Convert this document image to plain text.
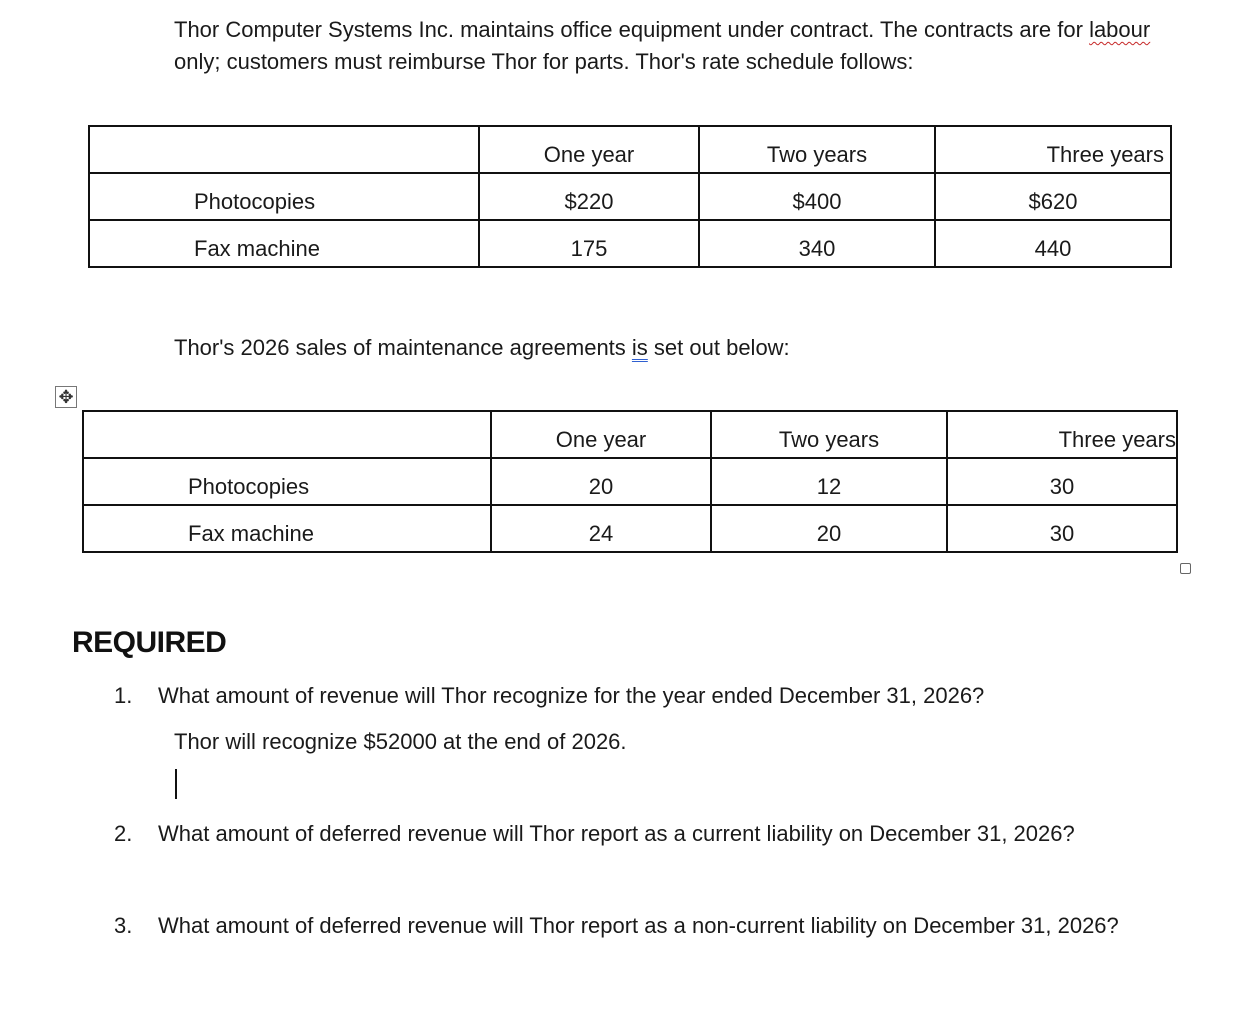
Thor Computer Systems Inc. maintains office equipment under contract. The contracts are for labour only; customers must reimburse Thor for parts. Thor's rate schedule follows:

	One year	Two years	Three years

Photocopies	$220	$400	$620

Fax machine	175	340	440

Thor's 2026 sales of maintenance agreements is set out below:

✥

	One year	Two years	Three years

Photocopies	20	12	30

Fax machine	24	20	30
REQUIRED
1. What amount of revenue will Thor recognize for the year ended December 31, 2026?
Thor will recognize $52000 at the end of 2026.
2. What amount of deferred revenue will Thor report as a current liability on December 31, 2026?
3. What amount of deferred revenue will Thor report as a non-current liability on December 31, 2026?
